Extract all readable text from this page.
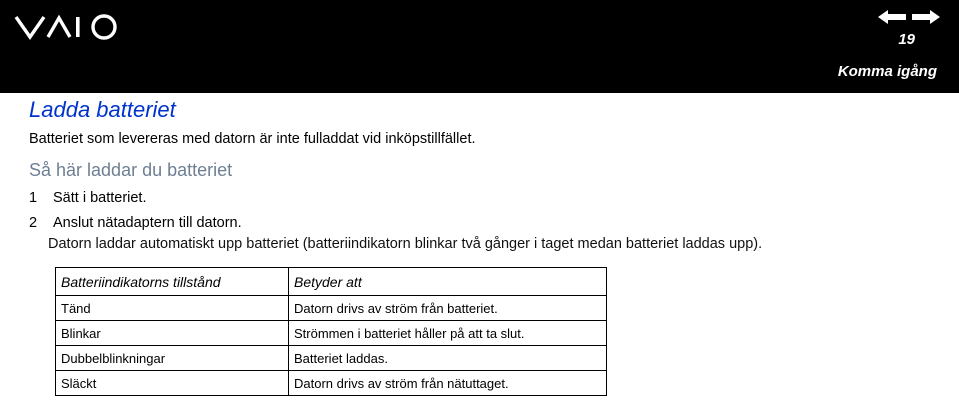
19
Komma igång
Ladda batteriet
Batteriet som levereras med datorn är inte fulladdat vid inköpstillfället.
Så här laddar du batteriet
1 Sätt i batteriet.
2 Anslut nätadaptern till datorn.
Datorn laddar automatiskt upp batteriet (batteriindikatorn blinkar två gånger i taget medan batteriet laddas upp).
Batteriindikatorns tillstånd	Betyder att
Tänd	Datorn drivs av ström från batteriet.
Blinkar	Strömmen i batteriet håller på att ta slut.
Dubbelblinkningar	Batteriet laddas.
Släckt	Datorn drivs av ström från nätuttaget.
